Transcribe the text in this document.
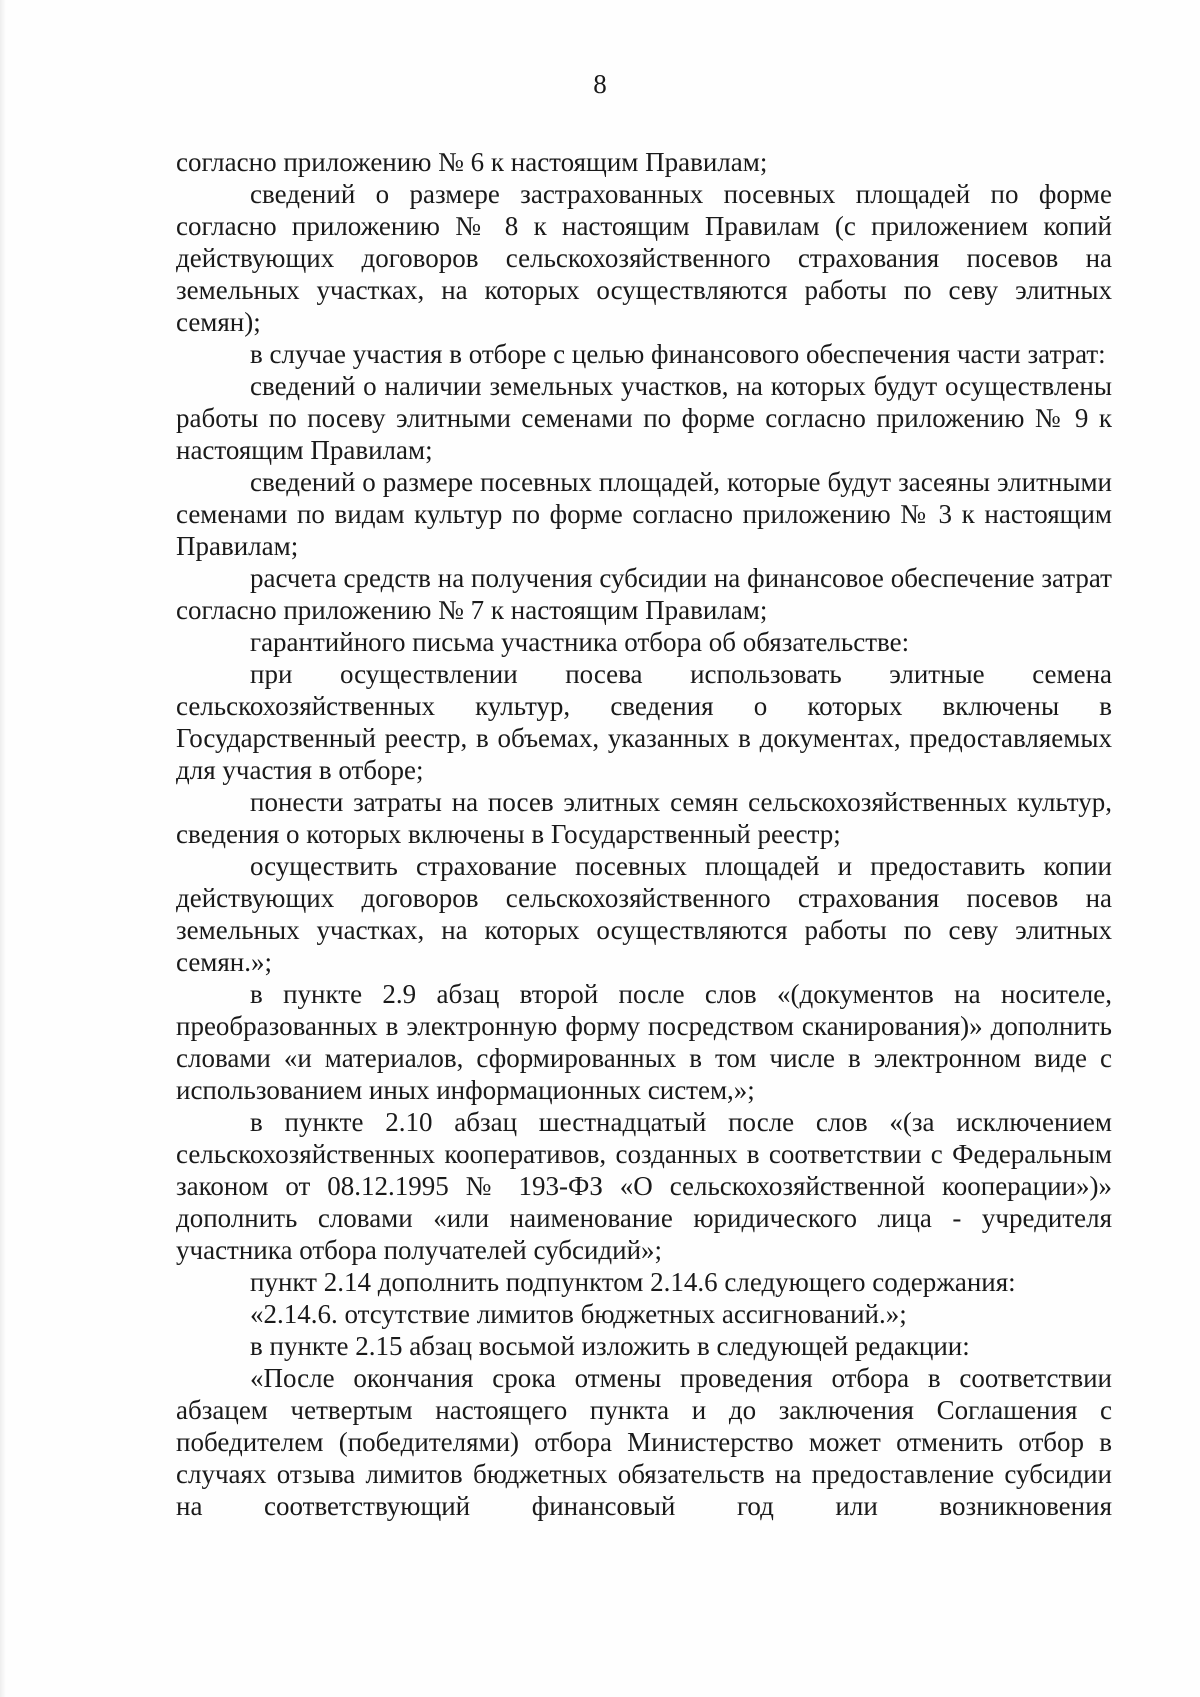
8

согласно приложению № 6 к настоящим Правилам;

сведений о размере застрахованных посевных площадей по форме согласно приложению № 8 к настоящим Правилам (с приложением копий действующих договоров сельскохозяйственного страхования посевов на земельных участках, на которых осуществляются работы по севу элитных семян);

в случае участия в отборе с целью финансового обеспечения части затрат:

сведений о наличии земельных участков, на которых будут осуществлены работы по посеву элитными семенами по форме согласно приложению № 9 к настоящим Правилам;

сведений о размере посевных площадей, которые будут засеяны элитными семенами по видам культур по форме согласно приложению № 3 к настоящим Правилам;

расчета средств на получения субсидии на финансовое обеспечение затрат согласно приложению № 7 к настоящим Правилам;

гарантийного письма участника отбора об обязательстве:

при осуществлении посева использовать элитные семена сельскохозяйственных культур, сведения о которых включены в Государственный реестр, в объемах, указанных в документах, предоставляемых для участия в отборе;

понести затраты на посев элитных семян сельскохозяйственных культур, сведения о которых включены в Государственный реестр;

осуществить страхование посевных площадей и предоставить копии действующих договоров сельскохозяйственного страхования посевов на земельных участках, на которых осуществляются работы по севу элитных семян.»;

в пункте 2.9 абзац второй после слов «(документов на носителе, преобразованных в электронную форму посредством сканирования)» дополнить словами «и материалов, сформированных в том числе в электронном виде с использованием иных информационных систем,»;

в пункте 2.10 абзац шестнадцатый после слов «(за исключением сельскохозяйственных кооперативов, созданных в соответствии с Федеральным законом от 08.12.1995 № 193-ФЗ «О сельскохозяйственной кооперации»)» дополнить словами «или наименование юридического лица - учредителя участника отбора получателей субсидий»;

пункт 2.14 дополнить подпунктом 2.14.6 следующего содержания:

«2.14.6. отсутствие лимитов бюджетных ассигнований.»;

в пункте 2.15 абзац восьмой изложить в следующей редакции:

«После окончания срока отмены проведения отбора в соответствии абзацем четвертым настоящего пункта и до заключения Соглашения с победителем (победителями) отбора Министерство может отменить отбор в случаях отзыва лимитов бюджетных обязательств на предоставление субсидии на соответствующий финансовый год или возникновения
